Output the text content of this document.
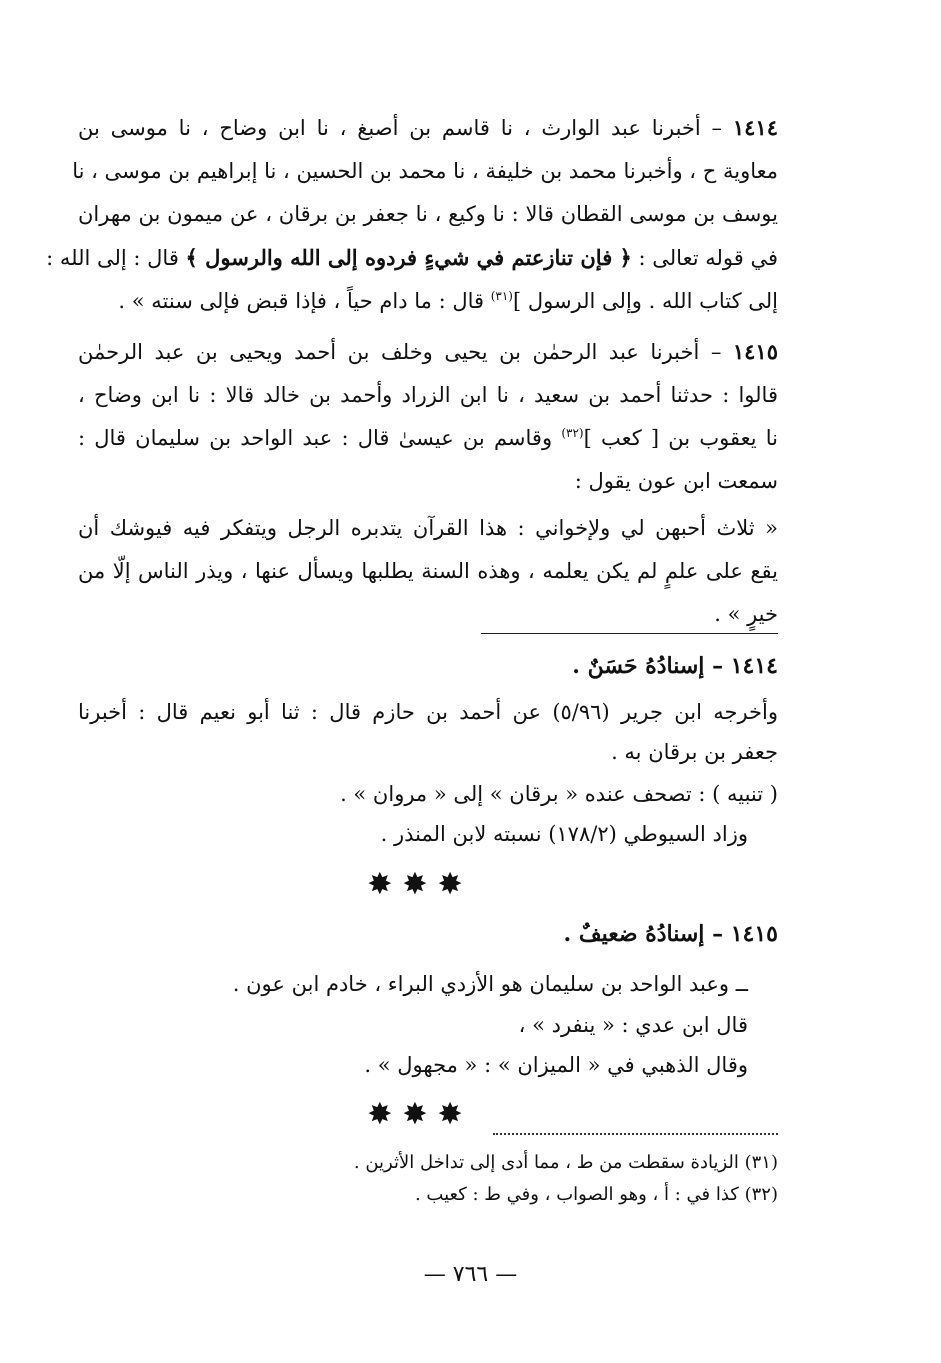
١٤١٤ – أخبرنا عبد الوارث ، نا قاسم بن أصبغ ، نا ابن وضاح ، نا موسى بن
معاوية ح ، وأخبرنا محمد بن خليفة ، نا محمد بن الحسين ، نا إبراهيم بن موسى ، نا
يوسف بن موسى القطان قالا : نا وكيع ، نا جعفر بن برقان ، عن ميمون بن مهران
في قوله تعالى : ﴿ فإن تنازعتم في شيءٍ فردوه إلى الله والرسول ﴾ قال : إلى الله :
إلى كتاب الله . وإلى الرسول ]$^{(٣١)}$ قال : ما دام حياً ، فإذا قبض فإلى سنته » .
١٤١٥ – أخبرنا عبد الرحمٰن بن يحيى وخلف بن أحمد ويحيى بن عبد الرحمٰن
قالوا : حدثنا أحمد بن سعيد ، نا ابن الزراد وأحمد بن خالد قالا : نا ابن وضاح ،
نا يعقوب بن [ كعب ]$^{(٣٢)}$ وقاسم بن عيسىٰ قال : عبد الواحد بن سليمان قال :
سمعت ابن عون يقول :
« ثلاث أحبهن لي ولإخواني : هذا القرآن يتدبره الرجل ويتفكر فيه فيوشك أن
يقع على علمٍ لم يكن يعلمه ، وهذه السنة يطلبها ويسأل عنها ، ويذر الناس إلّا من
خيرٍ » .
١٤١٤ – إسنادُهُ حَسَنٌ .
وأخرجه ابن جرير (٥/٩٦) عن أحمد بن حازم قال : ثنا أبو نعيم قال : أخبرنا
جعفر بن برقان به .
( تنبيه ) : تصحف عنده « برقان » إلى « مروان » .
وزاد السيوطي (١٧٨/٢) نسبته لابن المنذر .
✸✸✸
١٤١٥ – إسنادُهُ ضعيفٌ .
ــ وعبد الواحد بن سليمان هو الأزدي البراء ، خادم ابن عون .
قال ابن عدي : « ينفرد » ،
وقال الذهبي في « الميزان » : « مجهول » .
✸✸✸
(٣١) الزيادة سقطت من ط ، مما أدى إلى تداخل الأثرين .
(٣٢) كذا في : أ ، وهو الصواب ، وفي ط : كعيب .
— ٧٦٦ —
